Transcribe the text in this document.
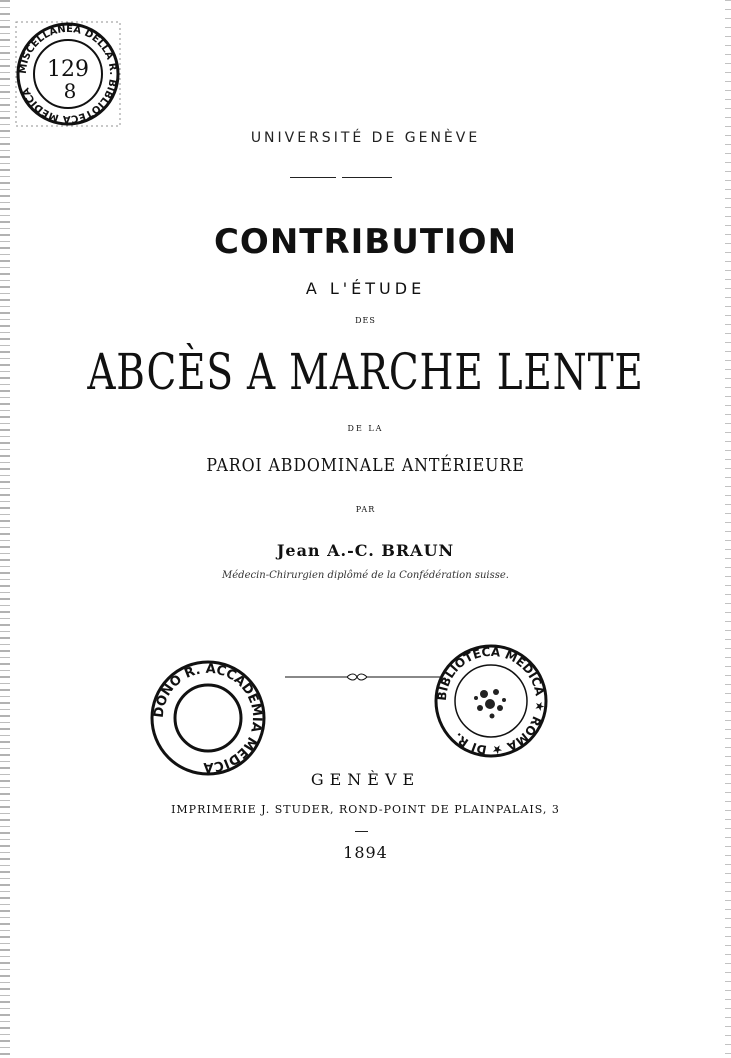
MISCELLANEA DELLA R. BIBLIOTECA MEDICA
129
8
UNIVERSITÉ DE GENÈVE
CONTRIBUTION
A L'ÉTUDE
DES
ABCÈS A MARCHE LENTE
DE LA
PAROI ABDOMINALE ANTÉRIEURE
PAR
Jean A.-C. BRAUN
Médecin-Chirurgien diplômé de la Confédération suisse.
DONO R. ACCADEMIA MEDICA
BIBLIOTECA MEDICA ★ ROMA ★ DI R.
GENÈVE
IMPRIMERIE J. STUDER, ROND-POINT DE PLAINPALAIS, 3
1894
